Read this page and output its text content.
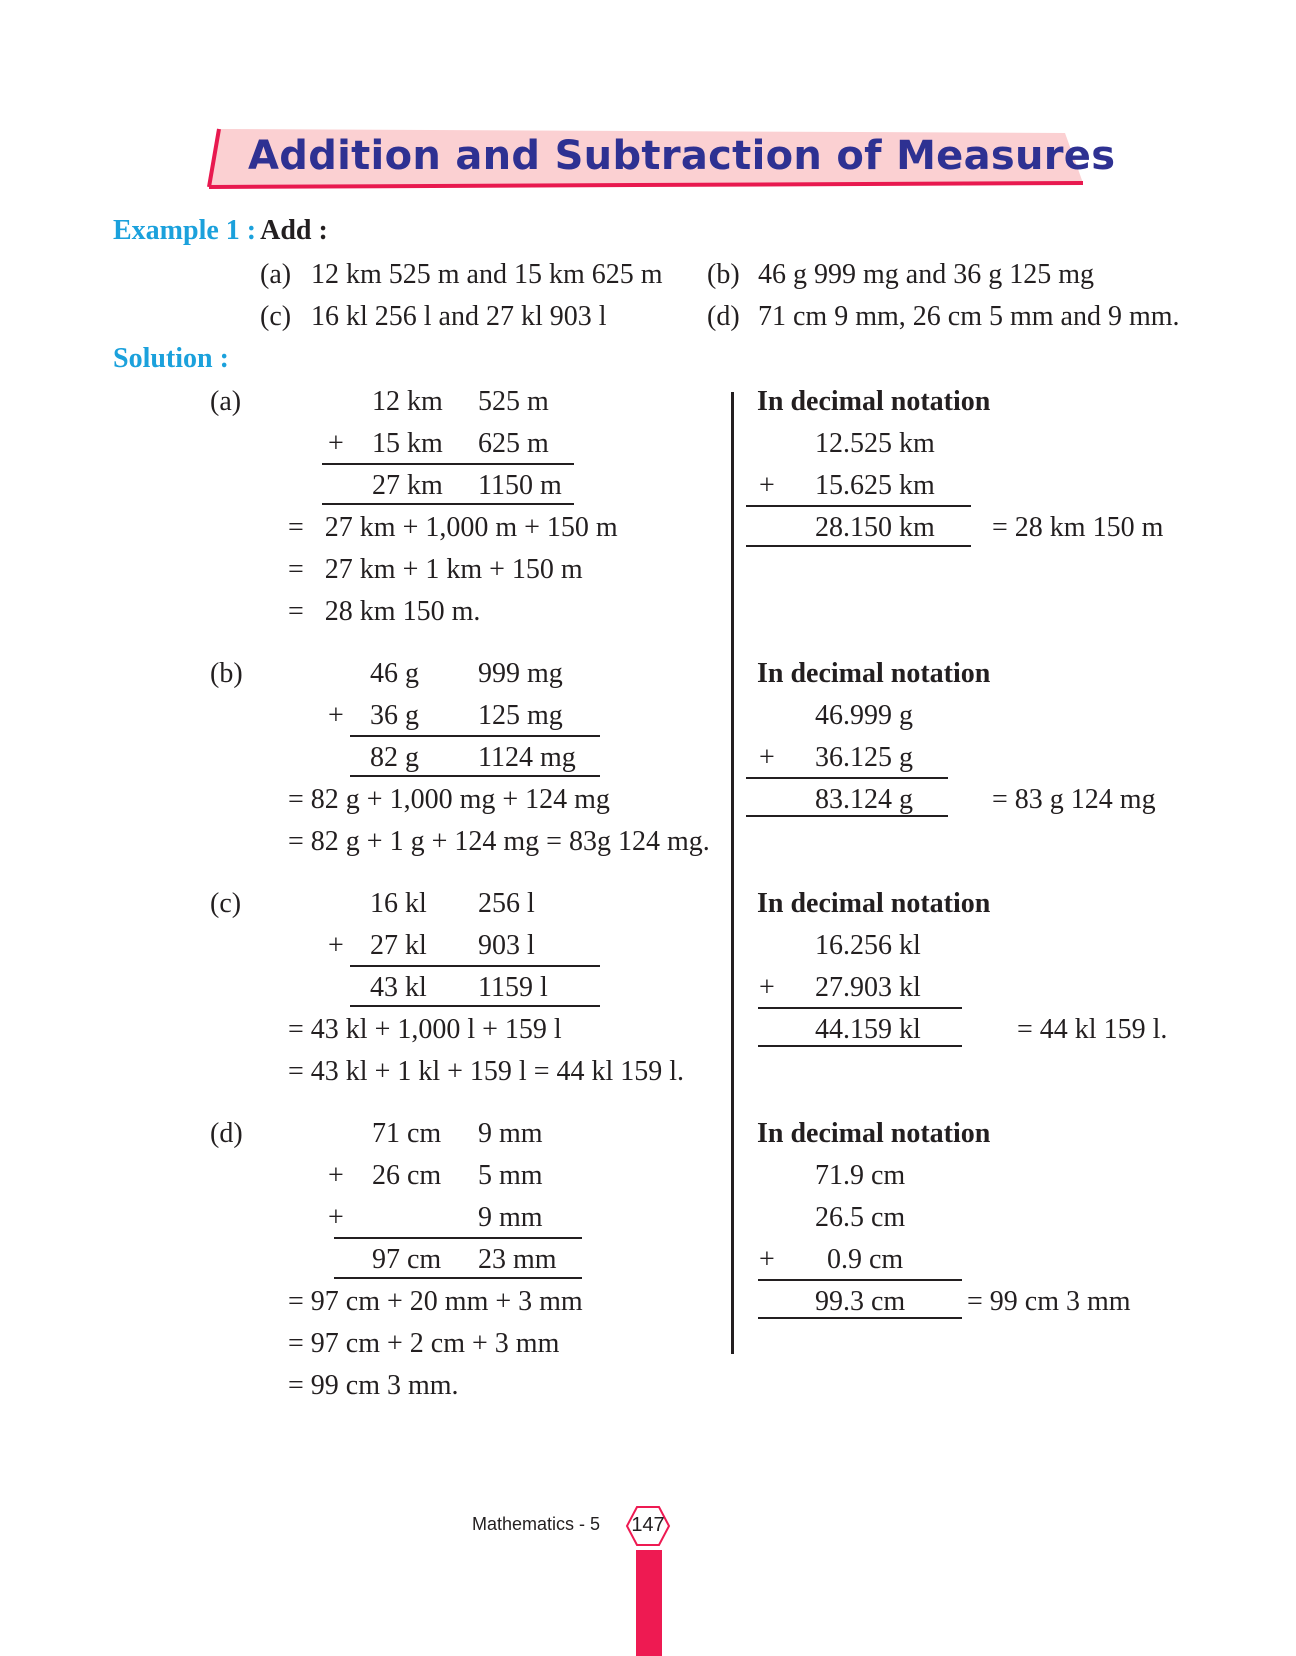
Addition and Subtraction of Measures
Example 1 : Add :
(a) 12 km 525 m and 15 km 625 m (b) 46 g 999 mg and 36 g 125 mg
(c) 16 kl 256 l and 27 kl 903 l	(d) 71 cm 9 mm, 26 cm 5 mm and 9 mm.
Solution :
(a)
+
12 km 525 m
15 km 625 m
27 km 1150 m
=   27 km + 1,000 m + 150 m
=   27 km + 1 km + 150 m
=   28 km 150 m.
In decimal notation
12.525 km
+ 15.625 km
28.150 km = 28 km 150 m
(b)
+
46 g 999 mg
36 g 125 mg
82 g 1124 mg
= 82 g + 1,000 mg + 124 mg
= 82 g + 1 g + 124 mg = 83g 124 mg.
In decimal notation
46.999 g
+ 36.125 g
83.124 g	= 83 g 124 mg
(c)
+
16 kl 256 l
27 kl 903 l
43 kl 1159 l
= 43 kl + 1,000 l + 159 l
= 43 kl + 1 kl + 159 l = 44 kl 159 l.
In decimal notation
16.256 kl
+ 27.903 kl
44.159 kl	= 44 kl 159 l.
(d)	71 cm 9 mm
+ 26 cm 5 mm
+	9 mm
97 cm 23 mm
= 97 cm + 20 mm + 3 mm
= 97 cm + 2 cm + 3 mm
= 99 cm 3 mm.
In decimal notation
71.9 cm
26.5 cm
+ 0.9 cm
99.3 cm = 99 cm 3 mm
Mathematics - 5	147
